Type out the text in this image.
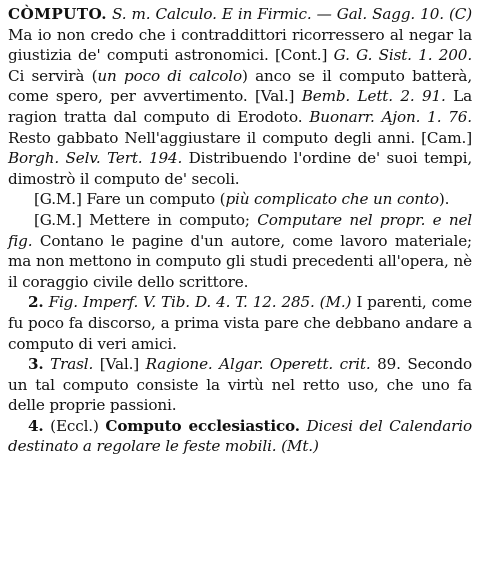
CÒMPUTO. S. m. Calculo. E in Firmic. — Gal. Sagg. 10. (C) Ma io non credo che i contraddittori ricorressero al negar la giustizia de' computi astronomici. [Cont.] G. G. Sist. 1. 200. Ci servirà (un poco di calcolo) anco se il computo batterà, come spero, per avvertimento. [Val.] Bemb. Lett. 2. 91. La ragion tratta dal computo di Erodoto. Buonarr. Ajon. 1. 76. Resto gabbato Nell'aggiustare il computo degli anni. [Cam.] Borgh. Selv. Tert. 194. Distribuendo l'ordine de' suoi tempi, dimostrò il computo de' secoli.

[G.M.] Fare un computo (più complicato che un conto).

[G.M.] Mettere in computo; Computare nel propr. e nel fig. Contano le pagine d'un autore, come lavoro materiale; ma non mettono in computo gli studi precedenti all'opera, nè il coraggio civile dello scrittore.

2. Fig. Imperf. V. Tib. D. 4. T. 12. 285. (M.) I parenti, come fu poco fa discorso, a prima vista pare che debbano andare a computo di veri amici.

3. Trasl. [Val.] Ragione. Algar. Operett. crit. 89. Secondo un tal computo consiste la virtù nel retto uso, che uno fa delle proprie passioni.

4. (Eccl.) Computo ecclesiastico. Dicesi del Calendario destinato a regolare le feste mobili. (Mt.)
